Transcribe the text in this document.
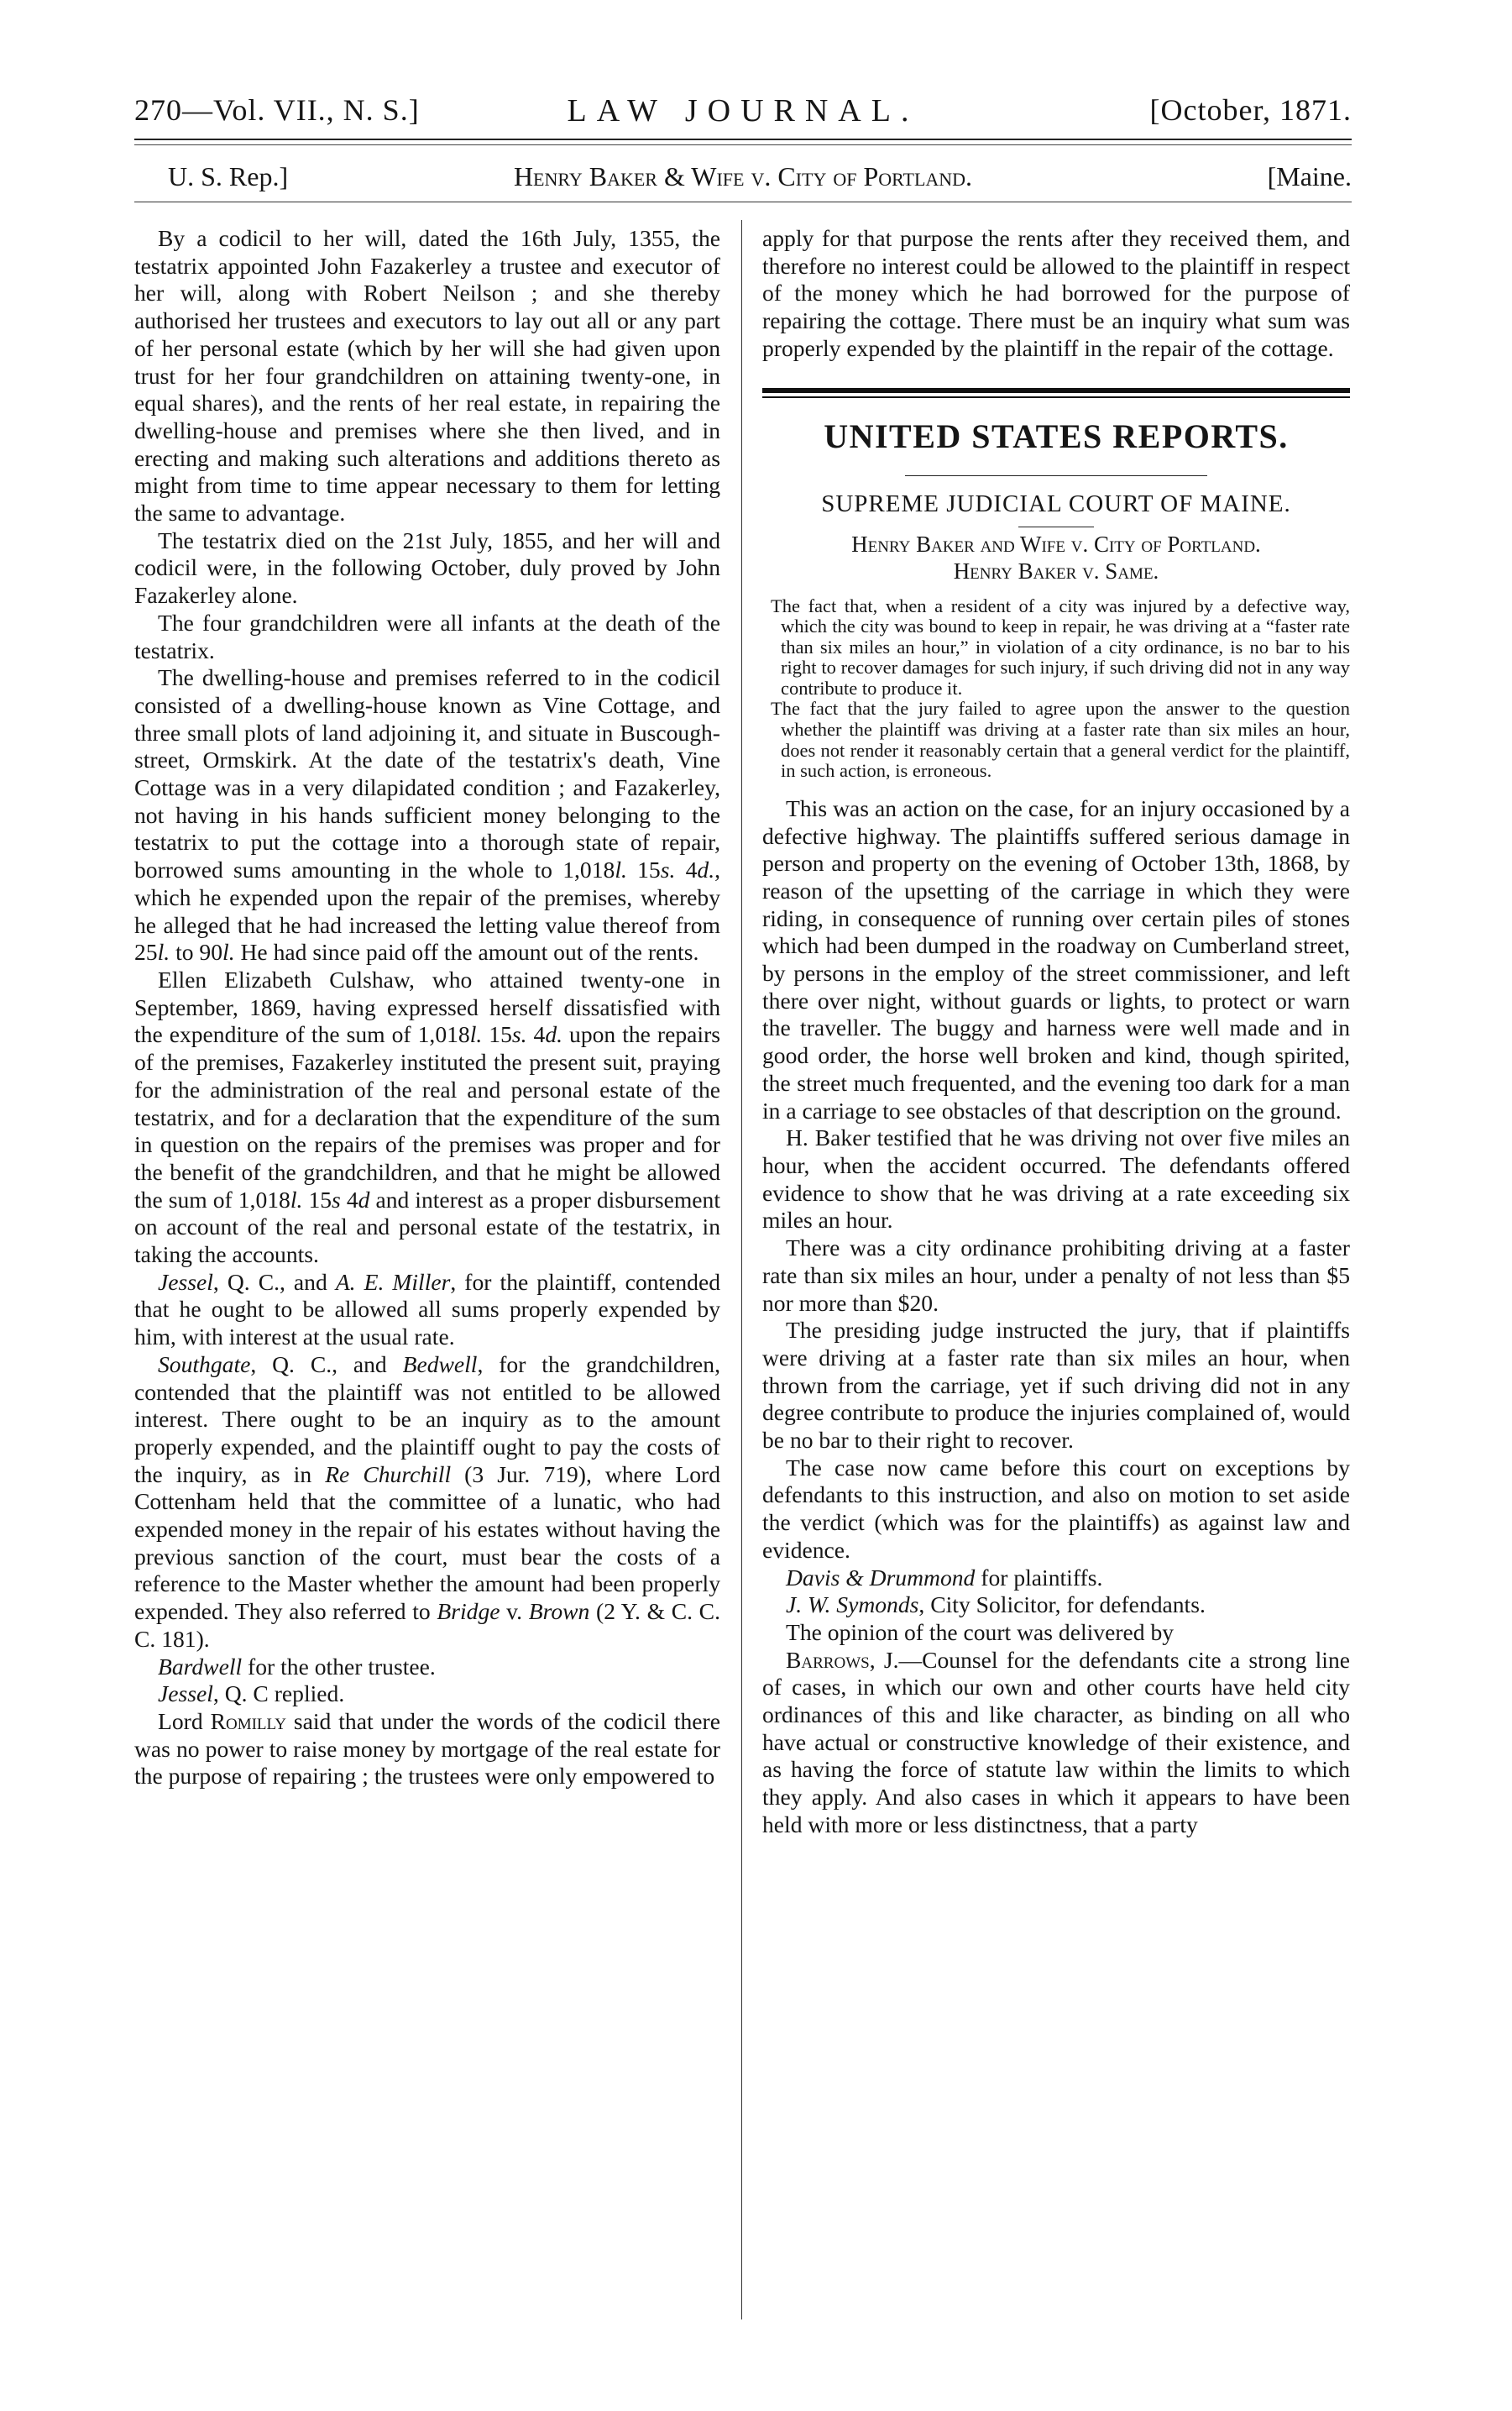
270—Vol. VII., N. S.]	LAW JOURNAL.	[October, 1871.
U. S. Rep.]	Henry Baker & Wife v. City of Portland.	[Maine.

By a codicil to her will, dated the 16th July, 1355, the testatrix appointed John Fazakerley a trustee and executor of her will, along with Robert Neilson ; and she thereby authorised her trustees and executors to lay out all or any part of her personal estate (which by her will she had given upon trust for her four grandchildren on attaining twenty-one, in equal shares), and the rents of her real estate, in repairing the dwelling-house and premises where she then lived, and in erecting and making such alterations and additions thereto as might from time to time appear necessary to them for letting the same to advantage.

The testatrix died on the 21st July, 1855, and her will and codicil were, in the following October, duly proved by John Fazakerley alone.

The four grandchildren were all infants at the death of the testatrix.

The dwelling-house and premises referred to in the codicil consisted of a dwelling-house known as Vine Cottage, and three small plots of land adjoining it, and situate in Buscough-street, Ormskirk. At the date of the testatrix's death, Vine Cottage was in a very dilapidated condition ; and Fazakerley, not having in his hands sufficient money belonging to the testatrix to put the cottage into a thorough state of repair, borrowed sums amounting in the whole to 1,018l. 15s. 4d., which he expended upon the repair of the premises, whereby he alleged that he had increased the letting value thereof from 25l. to 90l. He had since paid off the amount out of the rents.

Ellen Elizabeth Culshaw, who attained twenty-one in September, 1869, having expressed herself dissatisfied with the expenditure of the sum of 1,018l. 15s. 4d. upon the repairs of the premises, Fazakerley instituted the present suit, praying for the administration of the real and personal estate of the testatrix, and for a declaration that the expenditure of the sum in question on the repairs of the premises was proper and for the benefit of the grandchildren, and that he might be allowed the sum of 1,018l. 15s 4d and interest as a proper disbursement on account of the real and personal estate of the testatrix, in taking the accounts.

Jessel, Q. C., and A. E. Miller, for the plaintiff, contended that he ought to be allowed all sums properly expended by him, with interest at the usual rate.

Southgate, Q. C., and Bedwell, for the grandchildren, contended that the plaintiff was not entitled to be allowed interest. There ought to be an inquiry as to the amount properly expended, and the plaintiff ought to pay the costs of the inquiry, as in Re Churchill (3 Jur. 719), where Lord Cottenham held that the committee of a lunatic, who had expended money in the repair of his estates without having the previous sanction of the court, must bear the costs of a reference to the Master whether the amount had been properly expended. They also referred to Bridge v. Brown (2 Y. & C. C. C. 181).

Bardwell for the other trustee.

Jessel, Q. C replied.

Lord Romilly said that under the words of the codicil there was no power to raise money by mortgage of the real estate for the purpose of repairing ; the trustees were only empowered to

apply for that purpose the rents after they received them, and therefore no interest could be allowed to the plaintiff in respect of the money which he had borrowed for the purpose of repairing the cottage. There must be an inquiry what sum was properly expended by the plaintiff in the repair of the cottage.

UNITED STATES REPORTS.
SUPREME JUDICIAL COURT OF MAINE.
Henry Baker and Wife v. City of Portland.
Henry Baker v. Same.

The fact that, when a resident of a city was injured by a defective way, which the city was bound to keep in repair, he was driving at a “faster rate than six miles an hour,” in violation of a city ordinance, is no bar to his right to recover damages for such injury, if such driving did not in any way contribute to produce it.

The fact that the jury failed to agree upon the answer to the question whether the plaintiff was driving at a faster rate than six miles an hour, does not render it reasonably certain that a general verdict for the plaintiff, in such action, is erroneous.

This was an action on the case, for an injury occasioned by a defective highway. The plaintiffs suffered serious damage in person and property on the evening of October 13th, 1868, by reason of the upsetting of the carriage in which they were riding, in consequence of running over certain piles of stones which had been dumped in the roadway on Cumberland street, by persons in the employ of the street commissioner, and left there over night, without guards or lights, to protect or warn the traveller. The buggy and harness were well made and in good order, the horse well broken and kind, though spirited, the street much frequented, and the evening too dark for a man in a carriage to see obstacles of that description on the ground.

H. Baker testified that he was driving not over five miles an hour, when the accident occurred. The defendants offered evidence to show that he was driving at a rate exceeding six miles an hour.

There was a city ordinance prohibiting driving at a faster rate than six miles an hour, under a penalty of not less than $5 nor more than $20.

The presiding judge instructed the jury, that if plaintiffs were driving at a faster rate than six miles an hour, when thrown from the carriage, yet if such driving did not in any degree contribute to produce the injuries complained of, would be no bar to their right to recover.

The case now came before this court on exceptions by defendants to this instruction, and also on motion to set aside the verdict (which was for the plaintiffs) as against law and evidence.

Davis & Drummond for plaintiffs.

J. W. Symonds, City Solicitor, for defendants.

The opinion of the court was delivered by

Barrows, J.—Counsel for the defendants cite a strong line of cases, in which our own and other courts have held city ordinances of this and like character, as binding on all who have actual or constructive knowledge of their existence, and as having the force of statute law within the limits to which they apply. And also cases in which it appears to have been held with more or less distinctness, that a party
